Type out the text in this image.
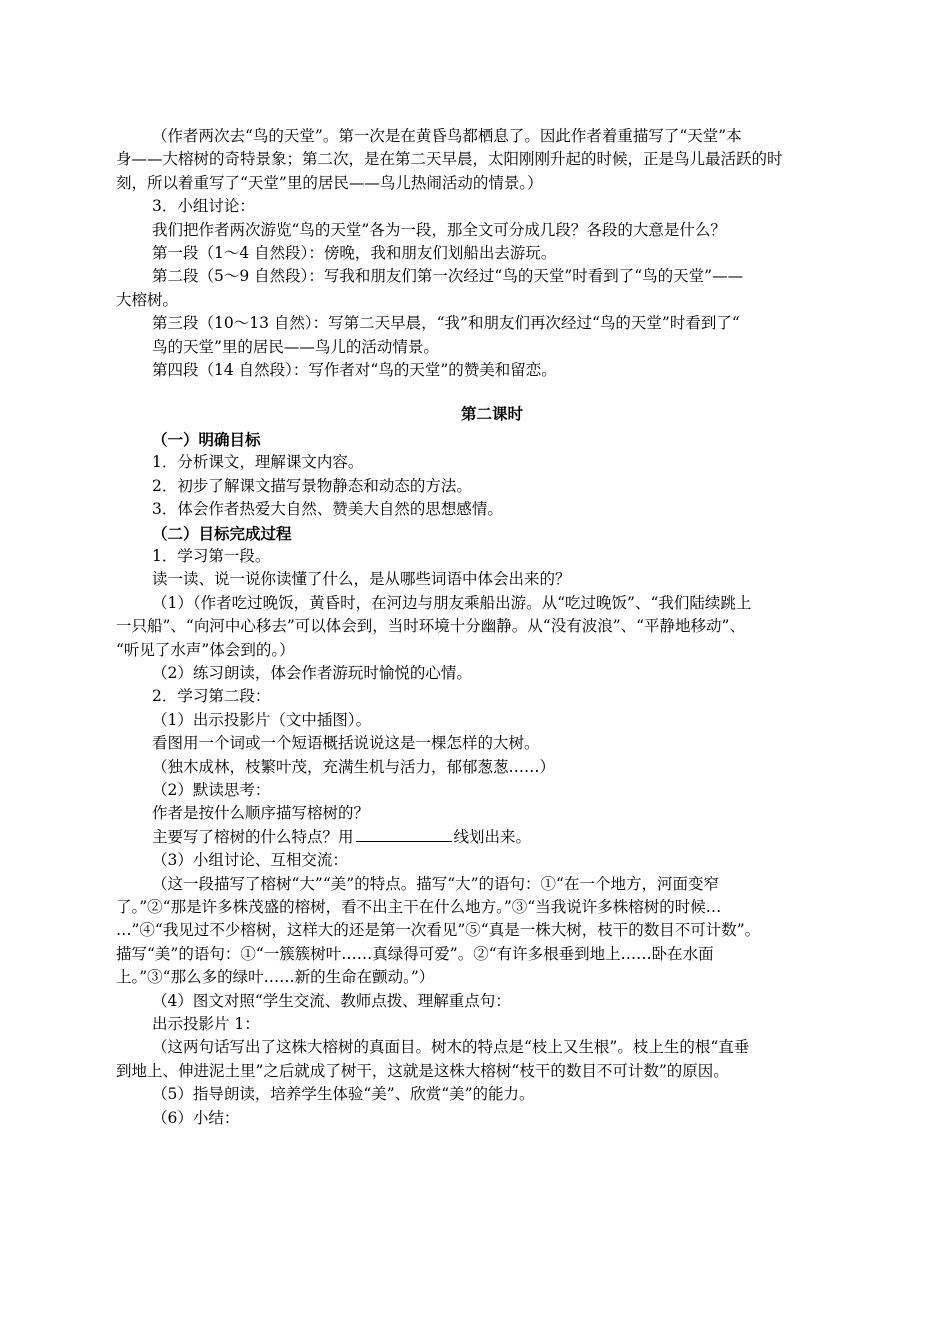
（作者两次去“鸟的天堂”。第一次是在黄昏鸟都栖息了。因此作者着重描写了“天堂”本

身——大榕树的奇特景象；第二次，是在第二天早晨，太阳刚刚升起的时候，正是鸟儿最活跃的时

刻，所以着重写了“天堂”里的居民——鸟儿热闹活动的情景。）

3．小组讨论：

我们把作者两次游览“鸟的天堂”各为一段，那全文可分成几段？各段的大意是什么？

第一段（1～4 自然段）：傍晚，我和朋友们划船出去游玩。

第二段（5～9 自然段）：写我和朋友们第一次经过“鸟的天堂”时看到了“鸟的天堂”——

大榕树。

第三段（10～13 自然）：写第二天早晨，“我”和朋友们再次经过“鸟的天堂”时看到了“

鸟的天堂”里的居民——鸟儿的活动情景。

第四段（14 自然段）：写作者对“鸟的天堂”的赞美和留恋。

第二课时

（一）明确目标

1．分析课文，理解课文内容。

2．初步了解课文描写景物静态和动态的方法。

3．体会作者热爱大自然、赞美大自然的思想感情。

（二）目标完成过程

1．学习第一段。

读一读、说一说你读懂了什么，是从哪些词语中体会出来的？

（1）（作者吃过晚饭，黄昏时，在河边与朋友乘船出游。从“吃过晚饭”、“我们陆续跳上

一只船”、“向河中心移去”可以体会到，当时环境十分幽静。从“没有波浪”、“平静地移动”、

“听见了水声”体会到的。）

（2）练习朗读，体会作者游玩时愉悦的心情。

2．学习第二段：

（1）出示投影片（文中插图）。

看图用一个词或一个短语概括说说这是一棵怎样的大树。

（独木成林，枝繁叶茂，充满生机与活力，郁郁葱葱……）

（2）默读思考：

作者是按什么顺序描写榕树的？

主要写了榕树的什么特点？用	线划出来。

（3）小组讨论、互相交流：

（这一段描写了榕树“大”“美”的特点。描写“大”的语句：①“在一个地方，河面变窄

了。”②“那是许多株茂盛的榕树，看不出主干在什么地方。”③“当我说许多株榕树的时候…

…”④“我见过不少榕树，这样大的还是第一次看见”⑤“真是一株大树，枝干的数目不可计数”。

描写“美”的语句：①“一簇簇树叶……真绿得可爱”。②“有许多根垂到地上……卧在水面

上。”③“那么多的绿叶……新的生命在颤动。”）

（4）图文对照“学生交流、教师点拨、理解重点句：

出示投影片 1：

（这两句话写出了这株大榕树的真面目。树木的特点是“枝上又生根”。枝上生的根“直垂

到地上、伸进泥土里”之后就成了树干，这就是这株大榕树“枝干的数目不可计数”的原因。

（5）指导朗读，培养学生体验“美”、欣赏“美”的能力。

（6）小结：
